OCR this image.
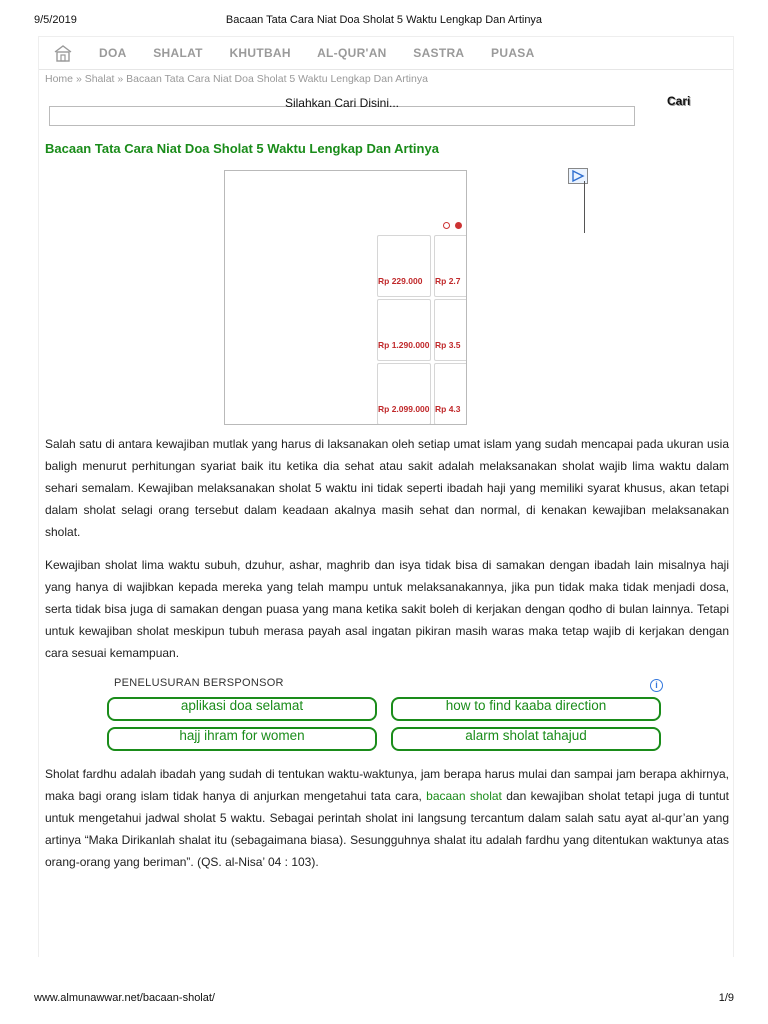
9/5/2019	Bacaan Tata Cara Niat Doa Sholat 5 Waktu Lengkap Dan Artinya
DOA SHALAT KHUTBAH AL-QUR'AN SASTRA PUASA
Home » Shalat » Bacaan Tata Cara Niat Doa Sholat 5 Waktu Lengkap Dan Artinya
Silahkan Cari Disini...	Cari
Bacaan Tata Cara Niat Doa Sholat 5 Waktu Lengkap Dan Artinya
Rp 229.000 Rp 2.7
Rp 1.290.000 Rp 3.5
Rp 2.099.000 Rp 4.3
Salah satu di antara kewajiban mutlak yang harus di laksanakan oleh setiap umat islam yang sudah mencapai pada ukuran usia baligh menurut perhitungan syariat baik itu ketika dia sehat atau sakit adalah melaksanakan sholat wajib lima waktu dalam sehari semalam. Kewajiban melaksanakan sholat 5 waktu ini tidak seperti ibadah haji yang memiliki syarat khusus, akan tetapi dalam sholat selagi orang tersebut dalam keadaan akalnya masih sehat dan normal, di kenakan kewajiban melaksanakan sholat.
Kewajiban sholat lima waktu subuh, dzuhur, ashar, maghrib dan isya tidak bisa di samakan dengan ibadah lain misalnya haji yang hanya di wajibkan kepada mereka yang telah mampu untuk melaksanakannya, jika pun tidak maka tidak menjadi dosa, serta tidak bisa juga di samakan dengan puasa yang mana ketika sakit boleh di kerjakan dengan qodho di bulan lainnya. Tetapi untuk kewajiban sholat meskipun tubuh merasa payah asal ingatan pikiran masih waras maka tetap wajib di kerjakan dengan cara sesuai kemampuan.
PENELUSURAN BERSPONSOR	i
aplikasi doa selamat	how to find kaaba direction
hajj ihram for women	alarm sholat tahajud
Sholat fardhu adalah ibadah yang sudah di tentukan waktu-waktunya, jam berapa harus mulai dan sampai jam berapa akhirnya, maka bagi orang islam tidak hanya di anjurkan mengetahui tata cara, bacaan sholat dan kewajiban sholat tetapi juga di tuntut untuk mengetahui jadwal sholat 5 waktu. Sebagai perintah sholat ini langsung tercantum dalam salah satu ayat al-qur’an yang artinya “Maka Dirikanlah shalat itu (sebagaimana biasa). Sesungguhnya shalat itu adalah fardhu yang ditentukan waktunya atas orang-orang yang beriman”. (QS. al-Nisa’ 04 : 103).
www.almunawwar.net/bacaan-sholat/	1/9
